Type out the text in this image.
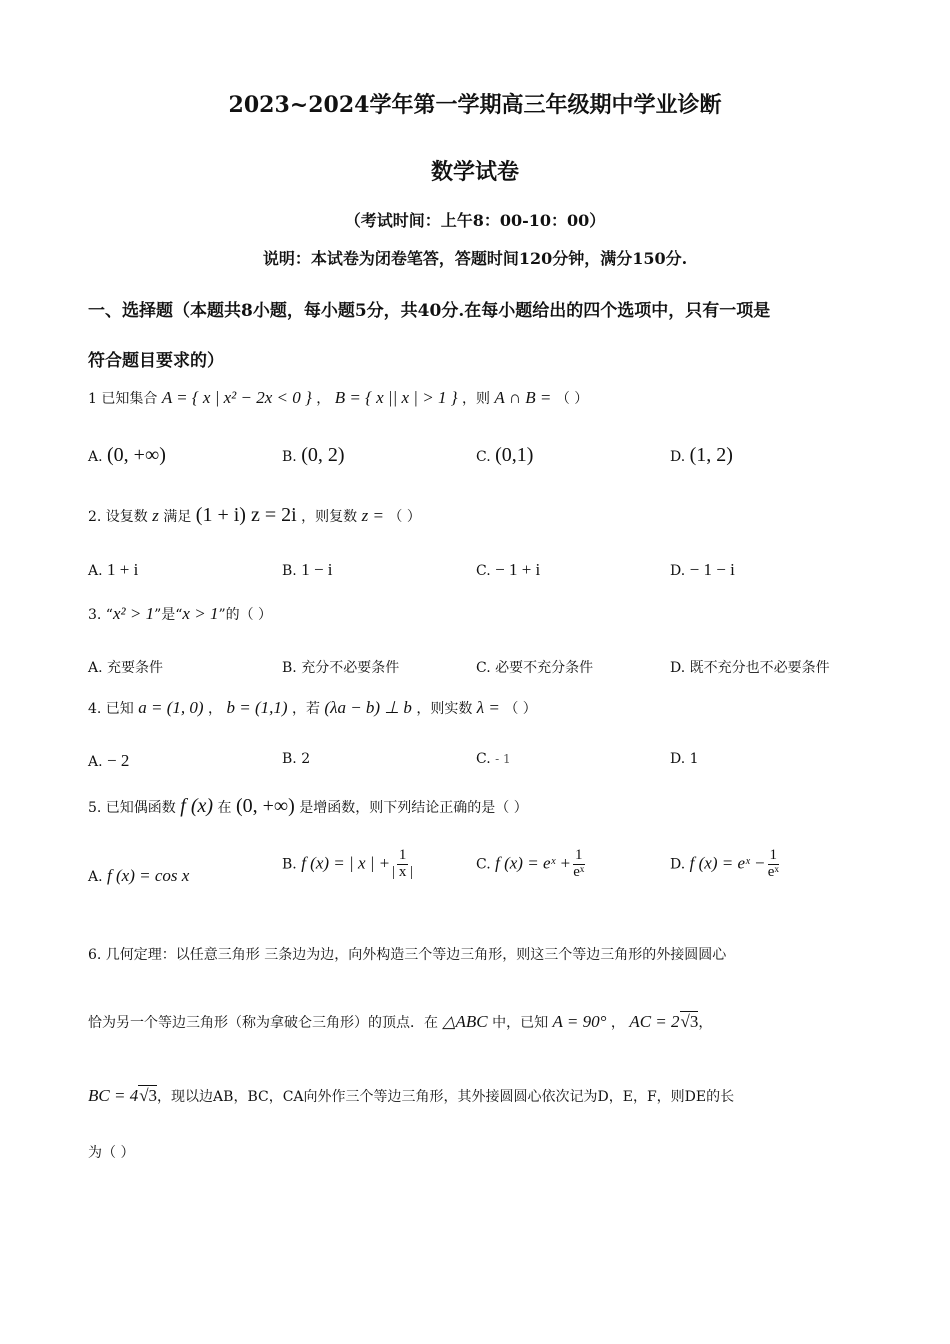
2023~2024学年第一学期高三年级期中学业诊断
数学试卷
（考试时间：上午8：00-10：00）
说明：本试卷为闭卷笔答，答题时间120分钟，满分150分.
一、选择题（本题共8小题，每小题5分，共40分.在每小题给出的四个选项中，只有一项是
符合题目要求的）
1 已知集合 A = { x | x² − 2x < 0 } ， B = { x || x | > 1 } ，则 A ∩ B = （ ）
A. (0, +∞)	B. (0, 2)	C. (0,1)	D. (1, 2)
2. 设复数 z 满足 (1 + i) z = 2i ，则复数 z = （ ）
A. 1 + i	B. 1 − i	C. − 1 + i	D. − 1 − i
3. “x² > 1”是“x > 1”的（ ）
A. 充要条件	B. 充分不必要条件	C. 必要不充分条件	D. 既不充分也不必要条件
4. 已知 a = (1, 0) ， b = (1,1) ，若 (λa − b) ⊥ b ，则实数 λ = （ ）
A. − 2	B. 2	C. - 1	D. 1
5. 已知偶函数 f (x) 在 (0, +∞) 是增函数，则下列结论正确的是（ ）
A. f (x) = cos x
B. f (x) = | x | + $\frac{1}{| x |}$	C. f (x) = eˣ + $\frac{1}{\text{eˣ}}$	D. f (x) = eˣ − $\frac{1}{\text{eˣ}}$
6. 几何定理：以任意三角形 三条边为边，向外构造三个等边三角形，则这三个等边三角形的外接圆圆心
恰为另一个等边三角形（称为拿破仑三角形）的顶点．在 △ABC 中，已知 A = 90° ， AC = 2√3，
BC = 4√3，现以边AB，BC，CA向外作三个等边三角形，其外接圆圆心依次记为D，E，F，则DE的长
为（ ）
